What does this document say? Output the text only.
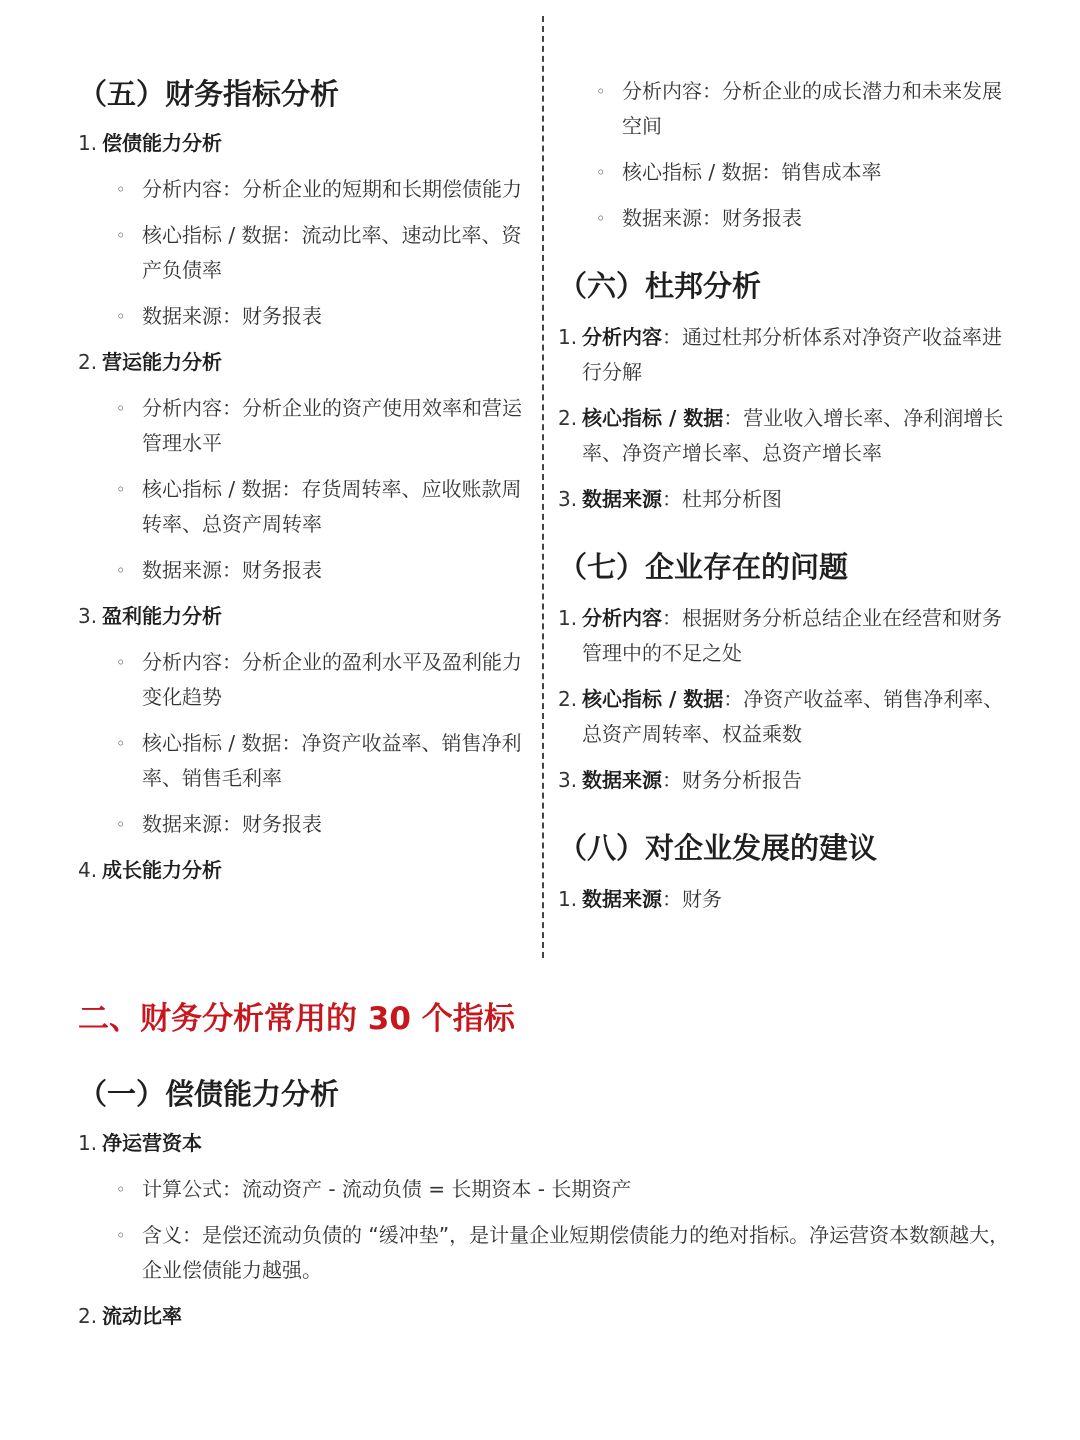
（五）财务指标分析
1. 偿债能力分析
◦ 分析内容：分析企业的短期和长期偿债能力
◦ 核心指标 / 数据：流动比率、速动比率、资产负债率
◦ 数据来源：财务报表
2. 营运能力分析
◦ 分析内容：分析企业的资产使用效率和营运管理水平
◦ 核心指标 / 数据：存货周转率、应收账款周转率、总资产周转率
◦ 数据来源：财务报表
3. 盈利能力分析
◦ 分析内容：分析企业的盈利水平及盈利能力变化趋势
◦ 核心指标 / 数据：净资产收益率、销售净利率、销售毛利率
◦ 数据来源：财务报表
4. 成长能力分析
◦ 分析内容：分析企业的成长潜力和未来发展空间
◦ 核心指标 / 数据：销售成本率
◦ 数据来源：财务报表
（六）杜邦分析
1. 分析内容：通过杜邦分析体系对净资产收益率进行分解
2. 核心指标 / 数据：营业收入增长率、净利润增长率、净资产增长率、总资产增长率
3. 数据来源：杜邦分析图
（七）企业存在的问题
1. 分析内容：根据财务分析总结企业在经营和财务管理中的不足之处
2. 核心指标 / 数据：净资产收益率、销售净利率、总资产周转率、权益乘数
3. 数据来源：财务分析报告
（八）对企业发展的建议
1. 数据来源：财务
二、财务分析常用的 30 个指标
（一）偿债能力分析
1. 净运营资本
◦ 计算公式：流动资产 - 流动负债 = 长期资本 - 长期资产
◦ 含义：是偿还流动负债的 “缓冲垫”，是计量企业短期偿债能力的绝对指标。净运营资本数额越大，企业偿债能力越强。
2. 流动比率
